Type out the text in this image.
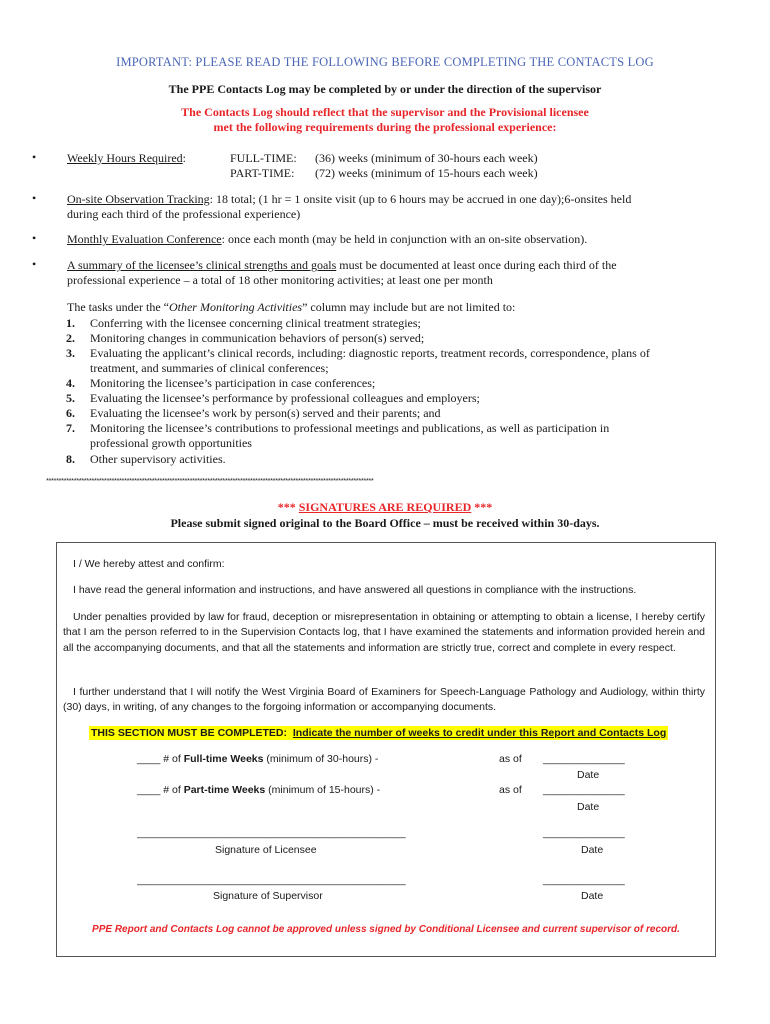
IMPORTANT: PLEASE READ THE FOLLOWING BEFORE COMPLETING THE CONTACTS LOG
The PPE Contacts Log may be completed by or under the direction of the supervisor
The Contacts Log should reflect that the supervisor and the Provisional licensee
met the following requirements during the professional experience:
•	Weekly Hours Required:	FULL-TIME: (36) weeks (minimum of 30-hours each week)
PART-TIME: (72) weeks (minimum of 15-hours each week)
•	On-site Observation Tracking: 18 total; (1 hr = 1 onsite visit (up to 6 hours may be accrued in one day);6-onsites held
during each third of the professional experience)
•	Monthly Evaluation Conference: once each month (may be held in conjunction with an on-site observation).
•	A summary of the licensee’s clinical strengths and goals must be documented at least once during each third of the
professional experience – a total of 18 other monitoring activities; at least one per month
The tasks under the “Other Monitoring Activities” column may include but are not limited to:
1. Conferring with the licensee concerning clinical treatment strategies;
2. Monitoring changes in communication behaviors of person(s) served;
3. Evaluating the applicant’s clinical records, including: diagnostic reports, treatment records, correspondence, plans of
treatment, and summaries of clinical conferences;
4. Monitoring the licensee’s participation in case conferences;
5. Evaluating the licensee’s performance by professional colleagues and employers;
6. Evaluating the licensee’s work by person(s) served and their parents; and
7. Monitoring the licensee’s contributions to professional meetings and publications, as well as participation in
professional growth opportunities
8. Other supervisory activities.
**********************************************************************************************************************************
*** SIGNATURES ARE REQUIRED ***
Please submit signed original to the Board Office – must be received within 30-days.
I / We hereby attest and confirm:
I have read the general information and instructions, and have answered all questions in compliance with the instructions.
Under penalties provided by law for fraud, deception or misrepresentation in obtaining or attempting to obtain a license, I hereby certify that I am the person referred to in the Supervision Contacts log, that I have examined the statements and information provided herein and all the accompanying documents, and that all the statements and information are strictly true, correct and complete in every respect.
I further understand that I will notify the West Virginia Board of Examiners for Speech-Language Pathology and Audiology, within thirty (30) days, in writing, of any changes to the forgoing information or accompanying documents.
THIS SECTION MUST BE COMPLETED: Indicate the number of weeks to credit under this Report and Contacts Log
____ # of Full-time Weeks (minimum of 30-hours) -	as of ______________
Date
____ # of Part-time Weeks (minimum of 15-hours) -	as of ______________
Date
______________________________________________	______________
Signature of Licensee	Date
______________________________________________	______________
Signature of Supervisor	Date
PPE Report and Contacts Log cannot be approved unless signed by Conditional Licensee and current supervisor of record.
